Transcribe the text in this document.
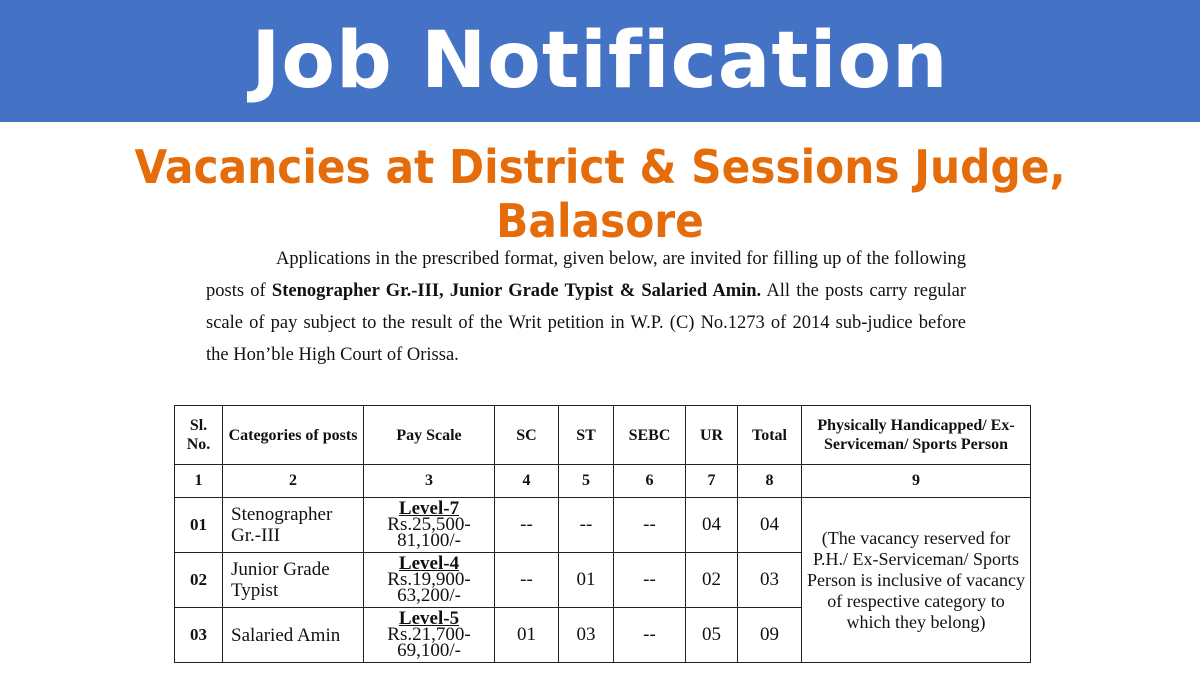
Job Notification
Vacancies at District & Sessions Judge, Balasore

Applications in the prescribed format, given below, are invited for filling up of the following posts of Stenographer Gr.-III, Junior Grade Typist & Salaried Amin. All the posts carry regular scale of pay subject to the result of the Writ petition in W.P. (C) No.1273 of 2014 sub-judice before the Hon’ble High Court of Orissa.

Sl. No.	Categories of posts	Pay Scale	SC	ST	SEBC	UR	Total	Physically Handicapped/ Ex-Serviceman/ Sports Person
1	2	3	4	5	6	7	8	9
01	Stenographer Gr.-III	Level-7
Rs.25,500-81,100/-	--	--	--	04	04	(The vacancy reserved for P.H./ Ex-Serviceman/ Sports Person is inclusive of vacancy of respective category to which they belong)
02	Junior Grade Typist	Level-4
Rs.19,900-63,200/-	--	01	--	02	03	
03	Salaried Amin	Level-5
Rs.21,700-69,100/-	01	03	--	05	09	
